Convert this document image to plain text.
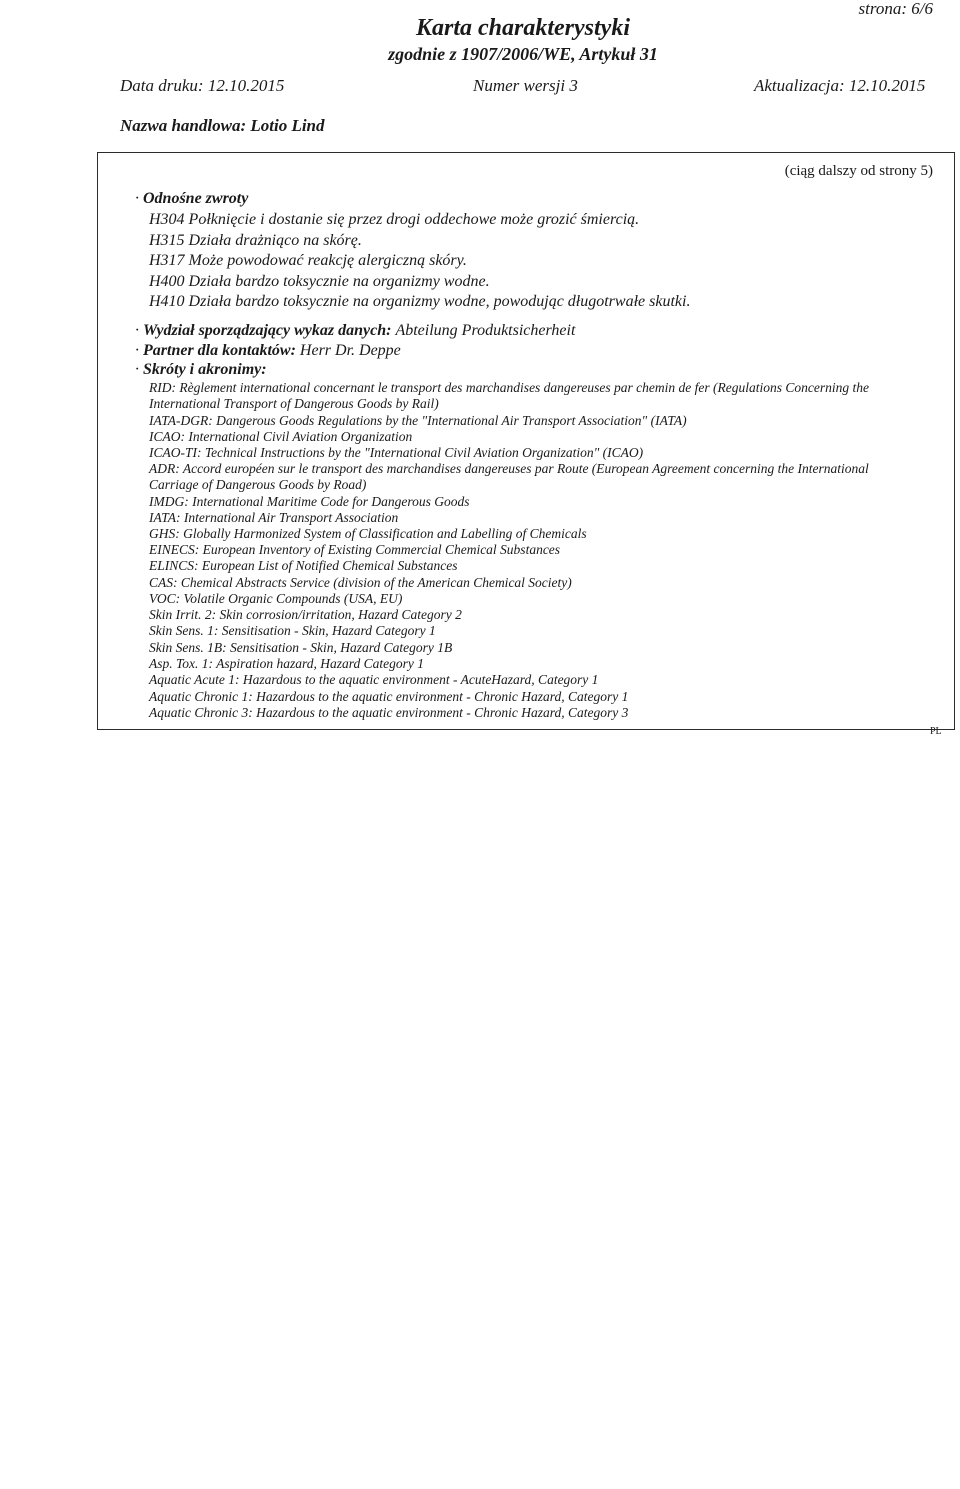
strona: 6/6
Karta charakterystyki
zgodnie z 1907/2006/WE, Artykuł 31
Data druku: 12.10.2015	Numer wersji 3	Aktualizacja: 12.10.2015
Nazwa handlowa: Lotio Lind
(ciąg dalszy od strony 5)
· Odnośne zwroty
H304 Połknięcie i dostanie się przez drogi oddechowe może grozić śmiercią.
H315 Działa drażniąco na skórę.
H317 Może powodować reakcję alergiczną skóry.
H400 Działa bardzo toksycznie na organizmy wodne.
H410 Działa bardzo toksycznie na organizmy wodne, powodując długotrwałe skutki.
· Wydział sporządzający wykaz danych: Abteilung Produktsicherheit
· Partner dla kontaktów: Herr Dr. Deppe
· Skróty i akronimy:
RID: Règlement international concernant le transport des marchandises dangereuses par chemin de fer (Regulations Concerning the
International Transport of Dangerous Goods by Rail)
IATA-DGR: Dangerous Goods Regulations by the "International Air Transport Association" (IATA)
ICAO: International Civil Aviation Organization
ICAO-TI: Technical Instructions by the "International Civil Aviation Organization" (ICAO)
ADR: Accord européen sur le transport des marchandises dangereuses par Route (European Agreement concerning the International
Carriage of Dangerous Goods by Road)
IMDG: International Maritime Code for Dangerous Goods
IATA: International Air Transport Association
GHS: Globally Harmonized System of Classification and Labelling of Chemicals
EINECS: European Inventory of Existing Commercial Chemical Substances
ELINCS: European List of Notified Chemical Substances
CAS: Chemical Abstracts Service (division of the American Chemical Society)
VOC: Volatile Organic Compounds (USA, EU)
Skin Irrit. 2: Skin corrosion/irritation, Hazard Category 2
Skin Sens. 1: Sensitisation - Skin, Hazard Category 1
Skin Sens. 1B: Sensitisation - Skin, Hazard Category 1B
Asp. Tox. 1: Aspiration hazard, Hazard Category 1
Aquatic Acute 1: Hazardous to the aquatic environment - AcuteHazard, Category 1
Aquatic Chronic 1: Hazardous to the aquatic environment - Chronic Hazard, Category 1
Aquatic Chronic 3: Hazardous to the aquatic environment - Chronic Hazard, Category 3
PL
